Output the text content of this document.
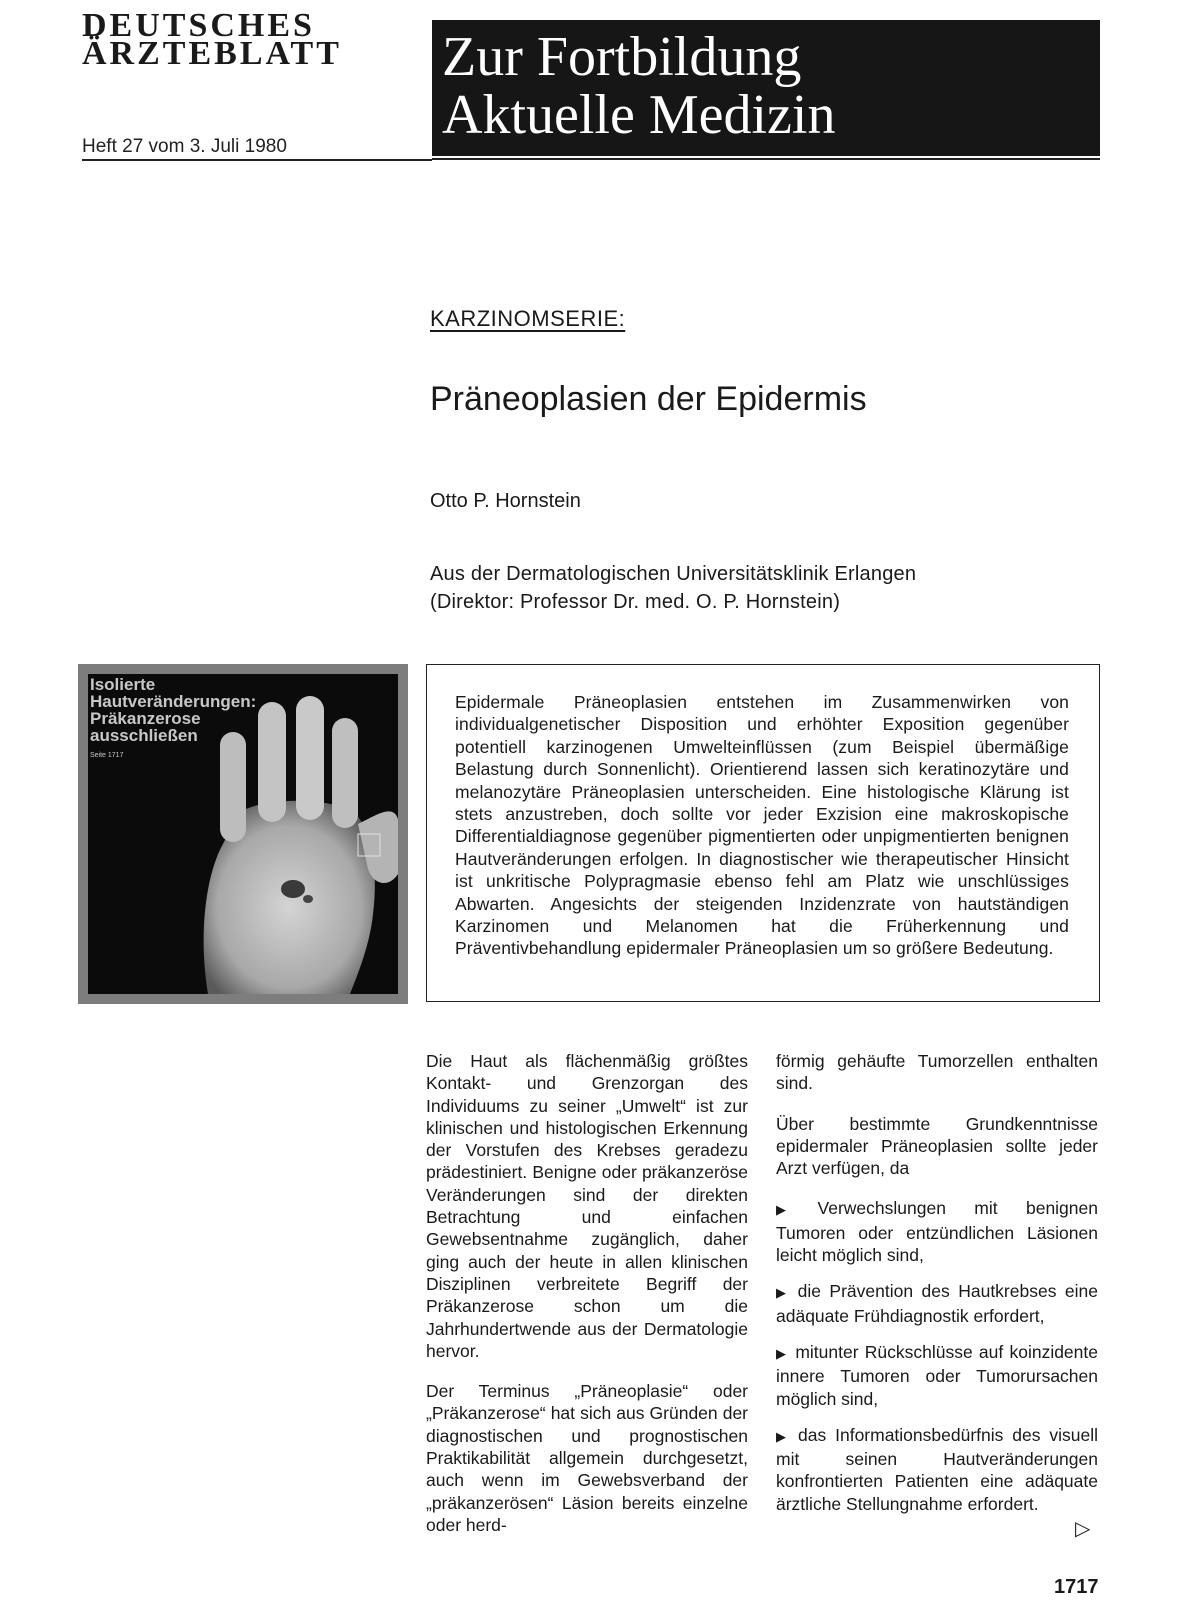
DEUTSCHES
ÄRZTEBLATT
Heft 27 vom 3. Juli 1980
Zur Fortbildung
Aktuelle Medizin
KARZINOMSERIE:
Präneoplasien der Epidermis
Otto P. Hornstein
Aus der Dermatologischen Universitätsklinik Erlangen
(Direktor: Professor Dr. med. O. P. Hornstein)
Isolierte
Hautveränderungen:
Präkanzerose
ausschließen
Seite 1717
Epidermale Präneoplasien entstehen im Zusammenwirken von individualgenetischer Disposition und erhöhter Exposition gegenüber potentiell karzinogenen Umwelteinflüssen (zum Beispiel übermäßige Belastung durch Sonnenlicht). Orientierend lassen sich keratinozytäre und melanozytäre Präneoplasien unterscheiden. Eine histologische Klärung ist stets anzustreben, doch sollte vor jeder Exzision eine makroskopische Differentialdiagnose gegenüber pigmentierten oder unpigmentierten benignen Hautveränderungen erfolgen. In diagnostischer wie therapeutischer Hinsicht ist unkritische Polypragmasie ebenso fehl am Platz wie unschlüssiges Abwarten. Angesichts der steigenden Inzidenzrate von hautständigen Karzinomen und Melanomen hat die Früherkennung und Präventivbehandlung epidermaler Präneoplasien um so größere Bedeutung.

Die Haut als flächenmäßig größtes Kontakt- und Grenzorgan des Individuums zu seiner „Umwelt“ ist zur klinischen und histologischen Erkennung der Vorstufen des Krebses geradezu prädestiniert. Benigne oder präkanzeröse Veränderungen sind der direkten Betrachtung und einfachen Gewebsentnahme zugänglich, daher ging auch der heute in allen klinischen Disziplinen verbreitete Begriff der Präkanzerose schon um die Jahrhundertwende aus der Dermatologie hervor.

Der Terminus „Präneoplasie“ oder „Präkanzerose“ hat sich aus Gründen der diagnostischen und prognostischen Praktikabilität allgemein durchgesetzt, auch wenn im Gewebsverband der „präkanzerösen“ Läsion bereits einzelne oder herd-

förmig gehäufte Tumorzellen enthalten sind.

Über bestimmte Grundkenntnisse epidermaler Präneoplasien sollte jeder Arzt verfügen, da

▶ Verwechslungen mit benignen Tumoren oder entzündlichen Läsionen leicht möglich sind,
▶ die Prävention des Hautkrebses eine adäquate Frühdiagnostik erfordert,
▶ mitunter Rückschlüsse auf koinzidente innere Tumoren oder Tumorursachen möglich sind,
▶ das Informationsbedürfnis des visuell mit seinen Hautveränderungen konfrontierten Patienten eine adäquate ärztliche Stellungnahme erfordert.
▷
1717
